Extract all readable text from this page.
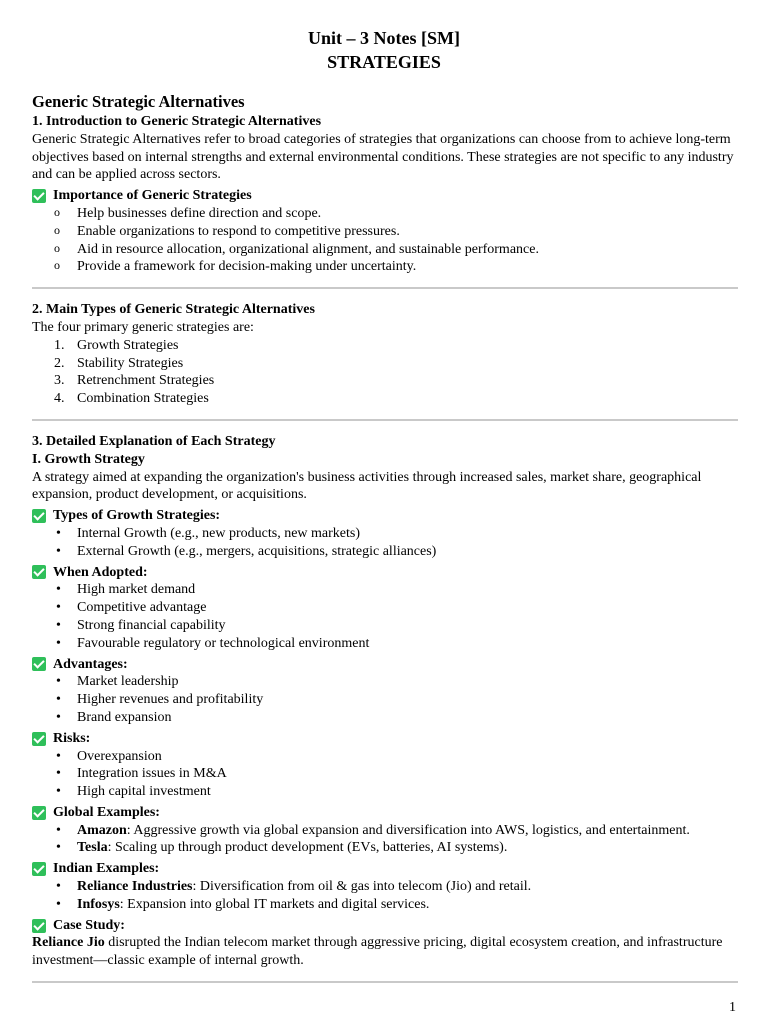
Unit – 3 Notes [SM]
STRATEGIES
Generic Strategic Alternatives
1. Introduction to Generic Strategic Alternatives

Generic Strategic Alternatives refer to broad categories of strategies that organizations can choose from to achieve long-term objectives based on internal strengths and external environmental conditions. These strategies are not specific to any industry and can be applied across sectors.

Importance of Generic Strategies
o Help businesses define direction and scope.
o Enable organizations to respond to competitive pressures.
o Aid in resource allocation, organizational alignment, and sustainable performance.
o Provide a framework for decision-making under uncertainty.
2. Main Types of Generic Strategic Alternatives

The four primary generic strategies are:

1. Growth Strategies
2. Stability Strategies
3. Retrenchment Strategies
4. Combination Strategies
3. Detailed Explanation of Each Strategy
I. Growth Strategy

A strategy aimed at expanding the organization's business activities through increased sales, market share, geographical expansion, product development, or acquisitions.

Types of Growth Strategies:
• Internal Growth (e.g., new products, new markets)
• External Growth (e.g., mergers, acquisitions, strategic alliances)
When Adopted:
• High market demand
• Competitive advantage
• Strong financial capability
• Favourable regulatory or technological environment
Advantages:
• Market leadership
• Higher revenues and profitability
• Brand expansion
Risks:
• Overexpansion
• Integration issues in M&A
• High capital investment
Global Examples:
• Amazon: Aggressive growth via global expansion and diversification into AWS, logistics, and entertainment.
• Tesla: Scaling up through product development (EVs, batteries, AI systems).
Indian Examples:
• Reliance Industries: Diversification from oil & gas into telecom (Jio) and retail.
• Infosys: Expansion into global IT markets and digital services.
Case Study:

Reliance Jio disrupted the Indian telecom market through aggressive pricing, digital ecosystem creation, and infrastructure investment—classic example of internal growth.

1
